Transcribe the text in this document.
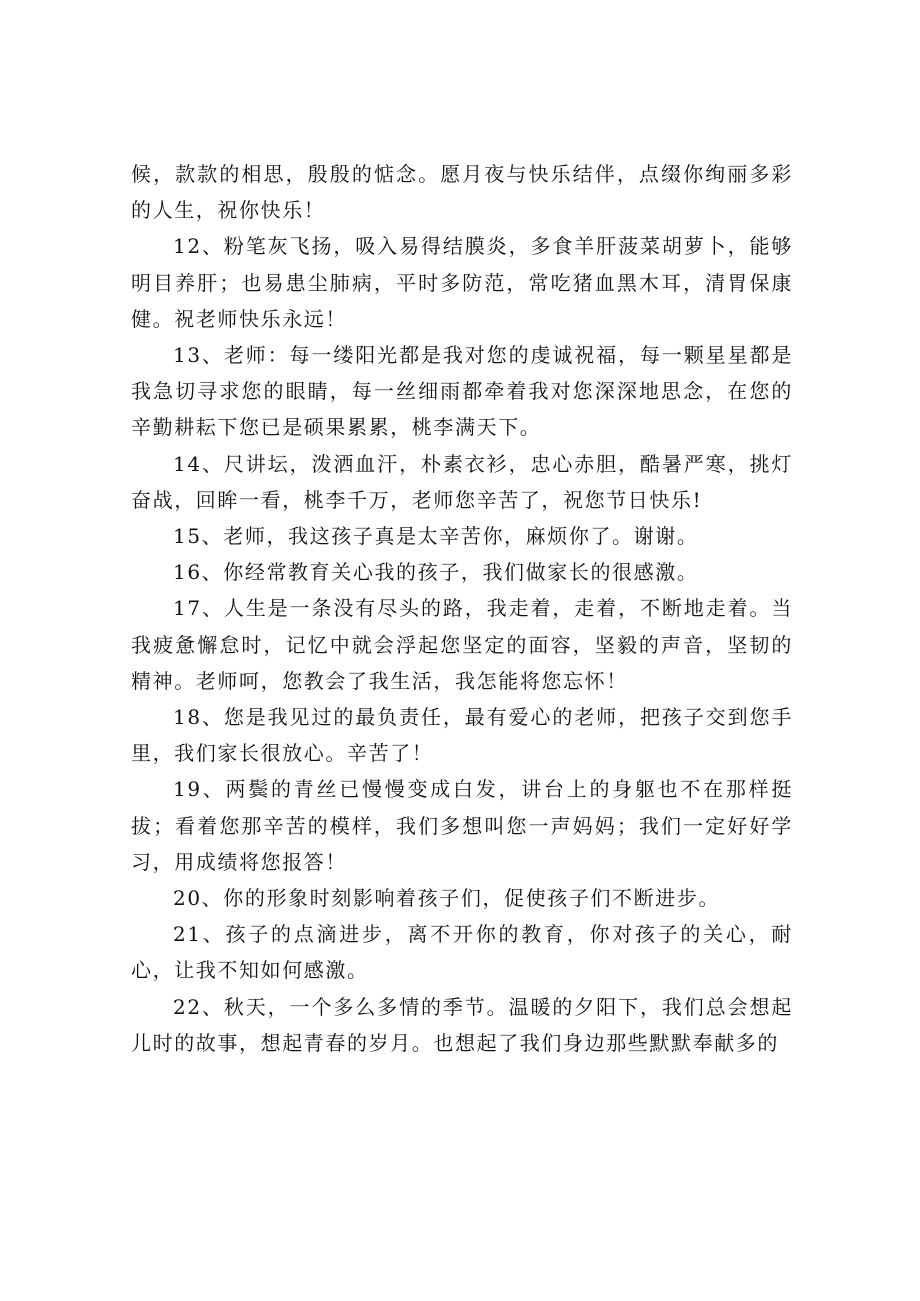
候，款款的相思，殷殷的惦念。愿月夜与快乐结伴，点缀你绚丽多彩的人生，祝你快乐！

12、粉笔灰飞扬，吸入易得结膜炎，多食羊肝菠菜胡萝卜，能够明目养肝；也易患尘肺病，平时多防范，常吃猪血黑木耳，清胃保康健。祝老师快乐永远！

13、老师：每一缕阳光都是我对您的虔诚祝福，每一颗星星都是我急切寻求您的眼睛，每一丝细雨都牵着我对您深深地思念，在您的辛勤耕耘下您已是硕果累累，桃李满天下。

14、尺讲坛，泼洒血汗，朴素衣衫，忠心赤胆，酷暑严寒，挑灯奋战，回眸一看，桃李千万，老师您辛苦了，祝您节日快乐!

15、老师，我这孩子真是太辛苦你，麻烦你了。谢谢。

16、你经常教育关心我的孩子，我们做家长的很感激。

17、人生是一条没有尽头的路，我走着，走着，不断地走着。当我疲惫懈怠时，记忆中就会浮起您坚定的面容，坚毅的声音，坚韧的精神。老师呵，您教会了我生活，我怎能将您忘怀！

18、您是我见过的最负责任，最有爱心的老师，把孩子交到您手里，我们家长很放心。辛苦了！

19、两鬓的青丝已慢慢变成白发，讲台上的身躯也不在那样挺拔；看着您那辛苦的模样，我们多想叫您一声妈妈；我们一定好好学习，用成绩将您报答！

20、你的形象时刻影响着孩子们，促使孩子们不断进步。

21、孩子的点滴进步，离不开你的教育，你对孩子的关心，耐心，让我不知如何感激。

22、秋天，一个多么多情的季节。温暖的夕阳下，我们总会想起儿时的故事，想起青春的岁月。也想起了我们身边那些默默奉献多的
